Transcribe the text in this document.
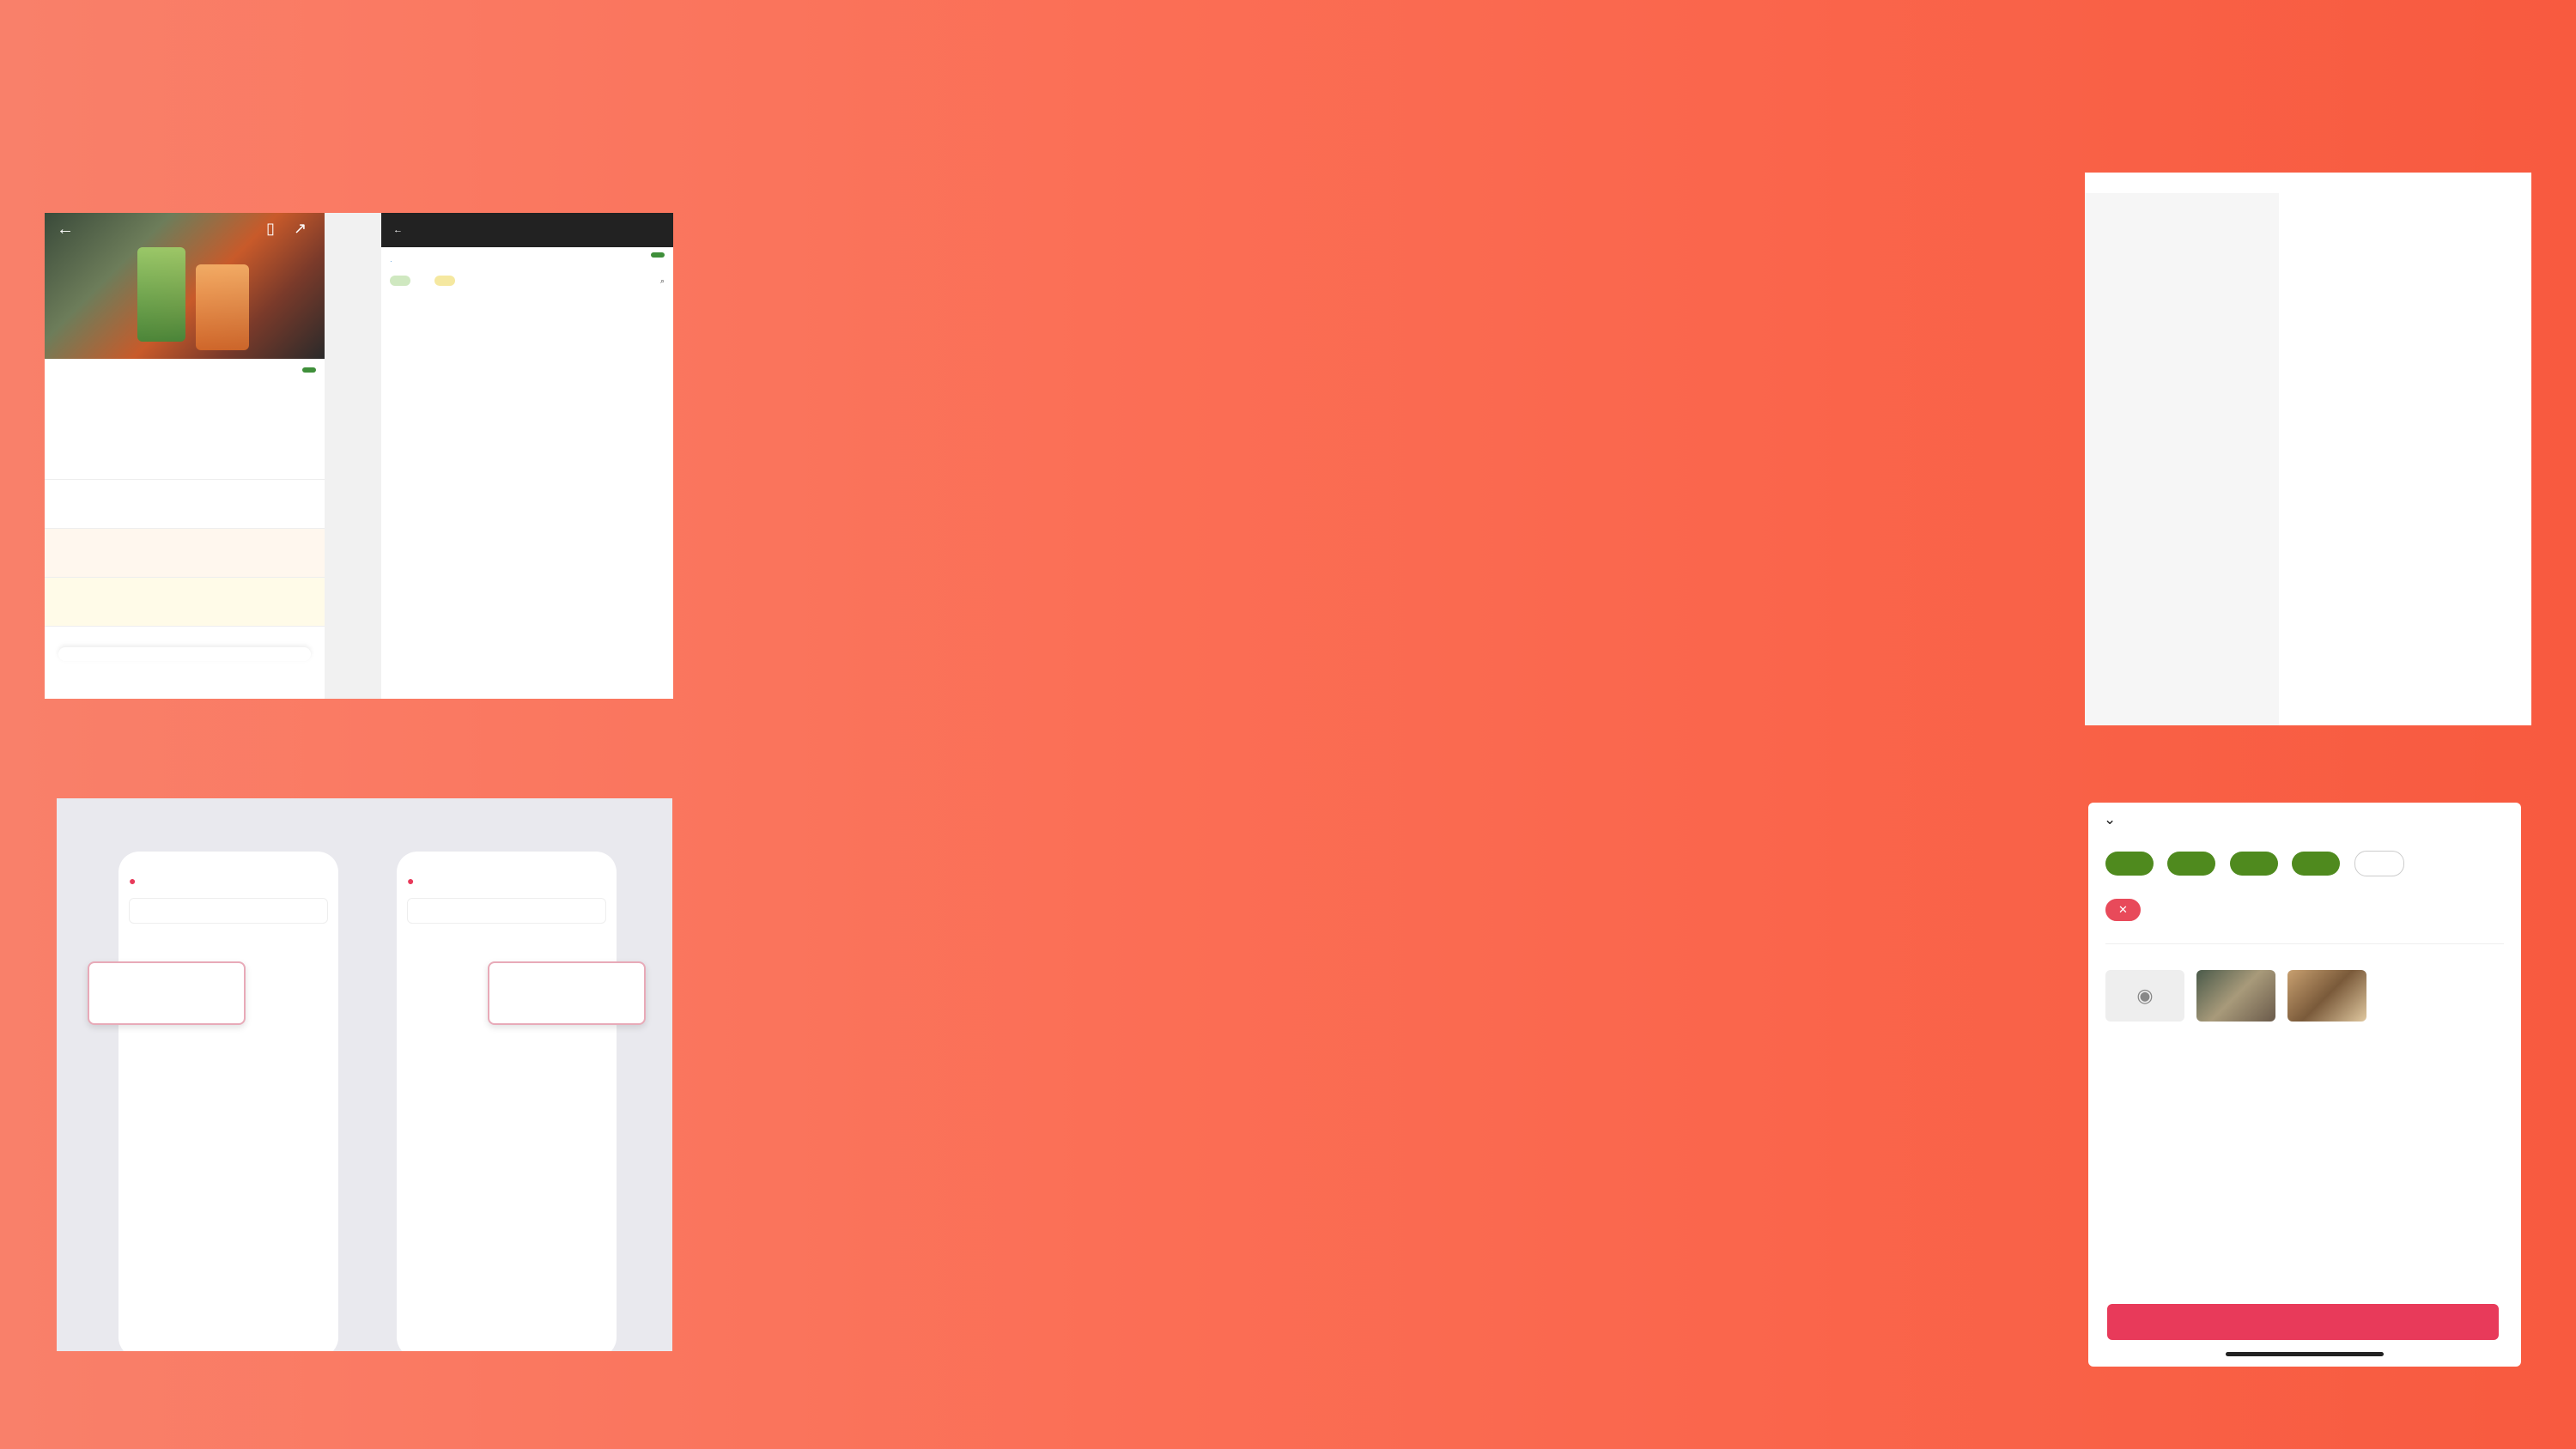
←	▯ ↗	←
·
⌕
●	●
⌄

✕
◉
